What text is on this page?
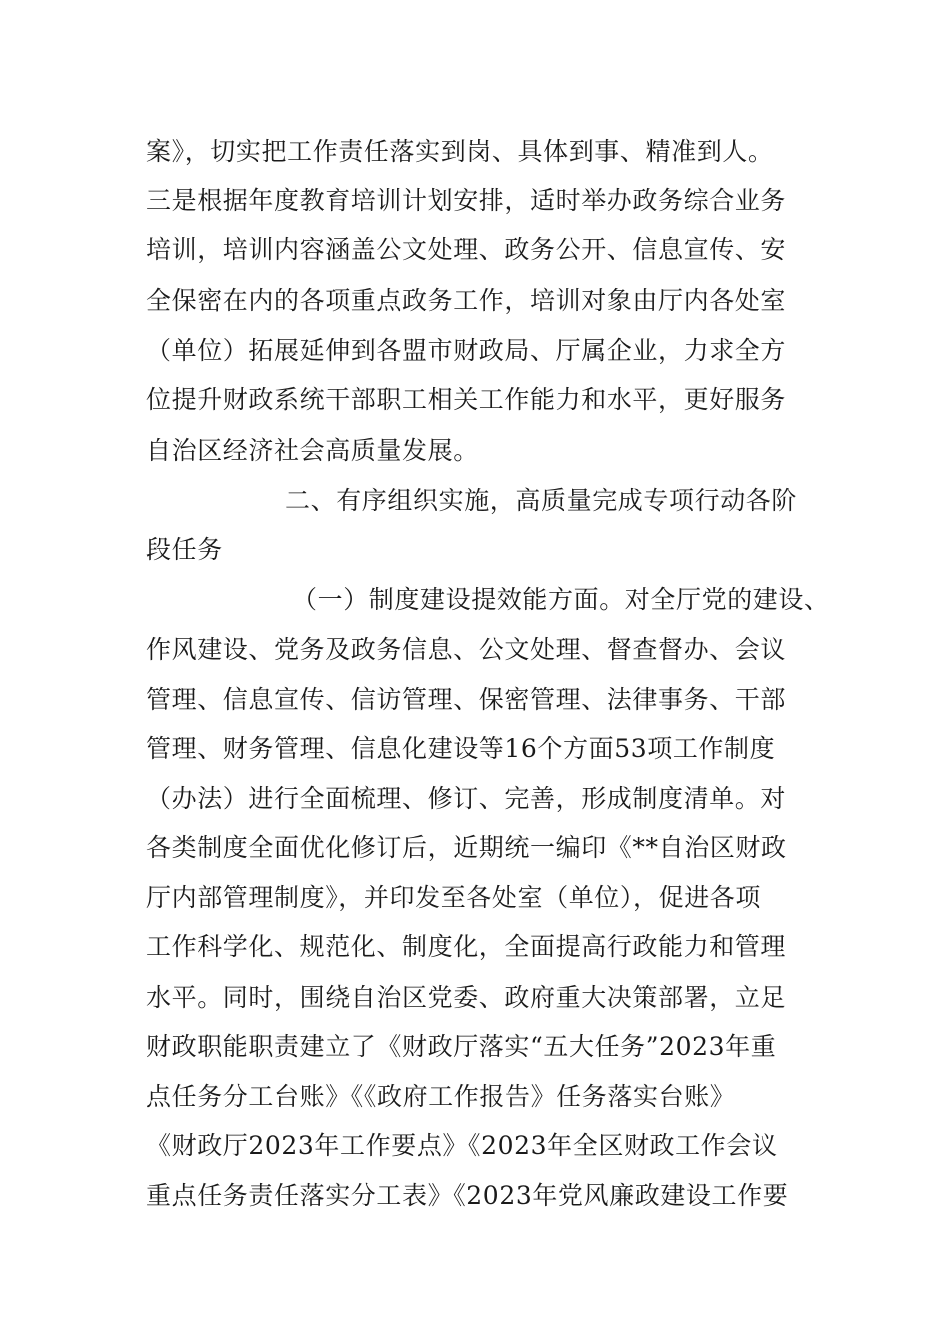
案》，切实把工作责任落实到岗、具体到事、精准到人。
三是根据年度教育培训计划安排，适时举办政务综合业务
培训，培训内容涵盖公文处理、政务公开、信息宣传、安
全保密在内的各项重点政务工作，培训对象由厅内各处室
（单位）拓展延伸到各盟市财政局、厅属企业，力求全方
位提升财政系统干部职工相关工作能力和水平，更好服务
自治区经济社会高质量发展。
二、有序组织实施，高质量完成专项行动各阶
段任务
（一）制度建设提效能方面。对全厅党的建设、
作风建设、党务及政务信息、公文处理、督查督办、会议
管理、信息宣传、信访管理、保密管理、法律事务、干部
管理、财务管理、信息化建设等16个方面53项工作制度
（办法）进行全面梳理、修订、完善，形成制度清单。对
各类制度全面优化修订后，近期统一编印《**自治区财政
厅内部管理制度》，并印发至各处室（单位），促进各项
工作科学化、规范化、制度化，全面提高行政能力和管理
水平。同时，围绕自治区党委、政府重大决策部署，立足
财政职能职责建立了《财政厅落实“五大任务”2023年重
点任务分工台账》《《政府工作报告》任务落实台账》
《财政厅2023年工作要点》《2023年全区财政工作会议
重点任务责任落实分工表》《2023年党风廉政建设工作要
